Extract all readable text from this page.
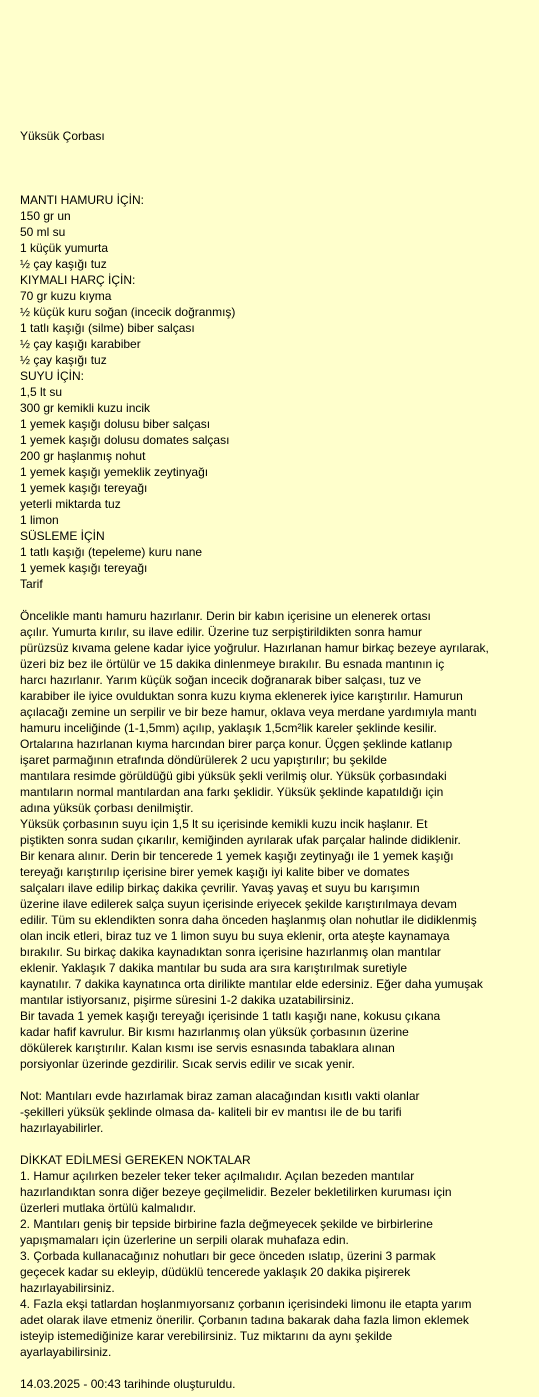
Yüksük Çorbası
MANTI HAMURU İÇİN:
150 gr un
50 ml su
1 küçük yumurta
½ çay kaşığı tuz
KIYMALI HARÇ İÇİN:
70 gr kuzu kıyma
½ küçük kuru soğan (incecik doğranmış)
1 tatlı kaşığı (silme) biber salçası
½ çay kaşığı karabiber
½ çay kaşığı tuz
SUYU İÇİN:
1,5 lt su
300 gr kemikli kuzu incik
1 yemek kaşığı dolusu biber salçası
1 yemek kaşığı dolusu domates salçası
200 gr haşlanmış nohut
1 yemek kaşığı yemeklik zeytinyağı
1 yemek kaşığı tereyağı
yeterli miktarda tuz
1 limon
SÜSLEME İÇİN
1 tatlı kaşığı (tepeleme) kuru nane
1 yemek kaşığı tereyağı
Tarif
Öncelikle mantı hamuru hazırlanır. Derin bir kabın içerisine un elenerek ortası
açılır. Yumurta kırılır, su ilave edilir. Üzerine tuz serpiştirildikten sonra hamur
pürüzsüz kıvama gelene kadar iyice yoğrulur. Hazırlanan hamur birkaç bezeye ayrılarak,
üzeri biz bez ile örtülür ve 15 dakika dinlenmeye bırakılır. Bu esnada mantının iç
harcı hazırlanır. Yarım küçük soğan incecik doğranarak biber salçası, tuz ve
karabiber ile iyice ovulduktan sonra kuzu kıyma eklenerek iyice karıştırılır. Hamurun
açılacağı zemine un serpilir ve bir beze hamur, oklava veya merdane yardımıyla mantı
hamuru inceliğinde (1-1,5mm) açılıp, yaklaşık 1,5cm²lik kareler şeklinde kesilir.
Ortalarına hazırlanan kıyma harcından birer parça konur. Üçgen şeklinde katlanıp
işaret parmağının etrafında döndürülerek 2 ucu yapıştırılır; bu şekilde
mantılara resimde görüldüğü gibi yüksük şekli verilmiş olur. Yüksük çorbasındaki
mantıların normal mantılardan ana farkı şeklidir. Yüksük şeklinde kapatıldığı için
adına yüksük çorbası denilmiştir.
Yüksük çorbasının suyu için 1,5 lt su içerisinde kemikli kuzu incik haşlanır. Et
piştikten sonra sudan çıkarılır, kemiğinden ayrılarak ufak parçalar halinde didiklenir.
Bir kenara alınır. Derin bir tencerede 1 yemek kaşığı zeytinyağı ile 1 yemek kaşığı
tereyağı karıştırılıp içerisine birer yemek kaşığı iyi kalite biber ve domates
salçaları ilave edilip birkaç dakika çevrilir. Yavaş yavaş et suyu bu karışımın
üzerine ilave edilerek salça suyun içerisinde eriyecek şekilde karıştırılmaya devam
edilir. Tüm su eklendikten sonra daha önceden haşlanmış olan nohutlar ile didiklenmiş
olan incik etleri, biraz tuz ve 1 limon suyu bu suya eklenir, orta ateşte kaynamaya
bırakılır. Su birkaç dakika kaynadıktan sonra içerisine hazırlanmış olan mantılar
eklenir. Yaklaşık 7 dakika mantılar bu suda ara sıra karıştırılmak suretiyle
kaynatılır. 7 dakika kaynatınca orta dirilikte mantılar elde edersiniz. Eğer daha yumuşak
mantılar istiyorsanız, pişirme süresini 1-2 dakika uzatabilirsiniz.
Bir tavada 1 yemek kaşığı tereyağı içerisinde 1 tatlı kaşığı nane, kokusu çıkana
kadar hafif kavrulur. Bir kısmı hazırlanmış olan yüksük çorbasının üzerine
dökülerek karıştırılır. Kalan kısmı ise servis esnasında tabaklara alınan
porsiyonlar üzerinde gezdirilir. Sıcak servis edilir ve sıcak yenir.
Not: Mantıları evde hazırlamak biraz zaman alacağından kısıtlı vakti olanlar
-şekilleri yüksük şeklinde olmasa da- kaliteli bir ev mantısı ile de bu tarifi
hazırlayabilirler.
DİKKAT EDİLMESİ GEREKEN NOKTALAR
1. Hamur açılırken bezeler teker teker açılmalıdır. Açılan bezeden mantılar
hazırlandıktan sonra diğer bezeye geçilmelidir. Bezeler bekletilirken kuruması için
üzerleri mutlaka örtülü kalmalıdır.
2. Mantıları geniş bir tepside birbirine fazla değmeyecek şekilde ve birbirlerine
yapışmamaları için üzerlerine un serpili olarak muhafaza edin.
3. Çorbada kullanacağınız nohutları bir gece önceden ıslatıp, üzerini 3 parmak
geçecek kadar su ekleyip, düdüklü tencerede yaklaşık 20 dakika pişirerek
hazırlayabilirsiniz.
4. Fazla ekşi tatlardan hoşlanmıyorsanız çorbanın içerisindeki limonu ile etapta yarım
adet olarak ilave etmeniz önerilir. Çorbanın tadına bakarak daha fazla limon eklemek
isteyip istemediğinize karar verebilirsiniz. Tuz miktarını da aynı şekilde
ayarlayabilirsiniz.
14.03.2025 - 00:43 tarihinde oluşturuldu.
